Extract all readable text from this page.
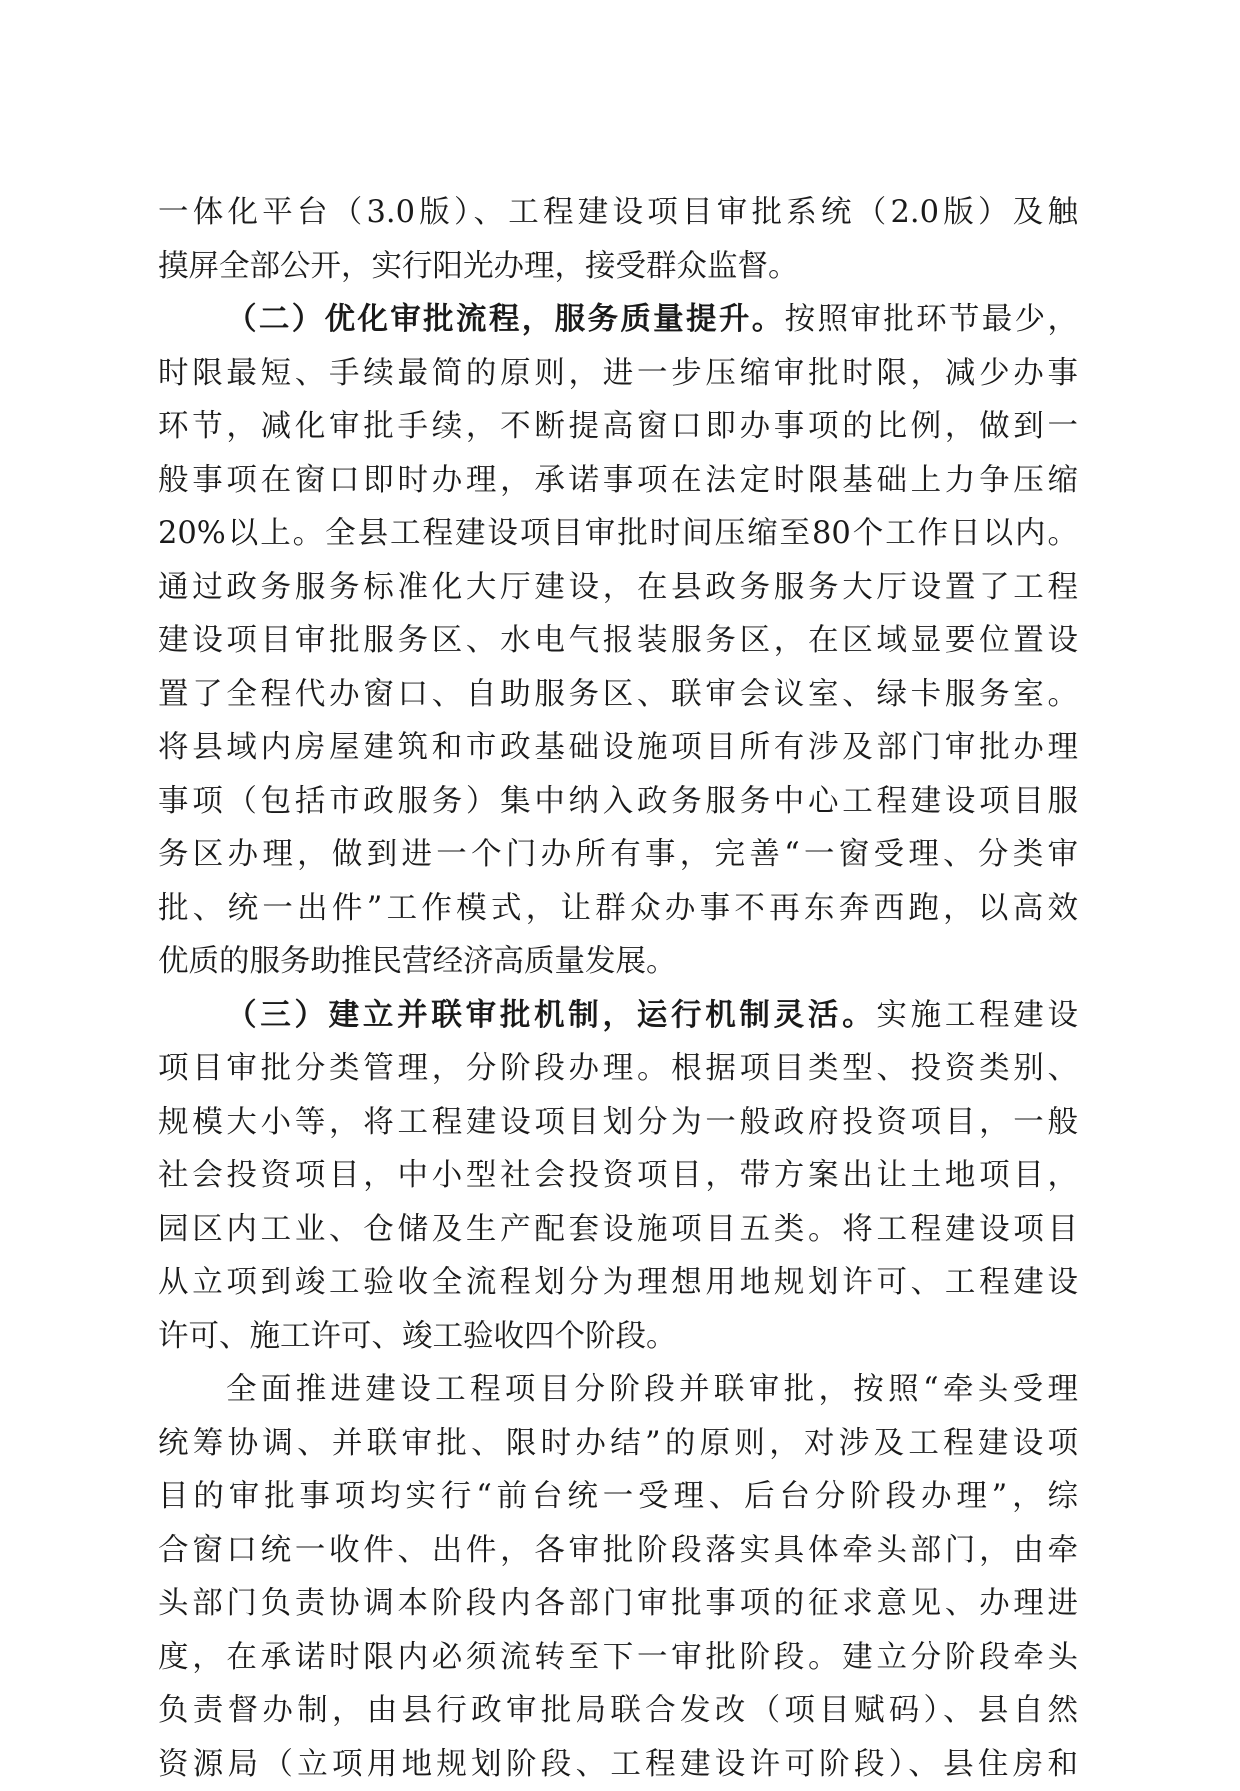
一体化平台（3.0版）、工程建设项目审批系统（2.0版）及触
摸屏全部公开，实行阳光办理，接受群众监督。
（二）优化审批流程，服务质量提升。按照审批环节最少，
时限最短、手续最简的原则，进一步压缩审批时限，减少办事
环节，减化审批手续，不断提高窗口即办事项的比例，做到一
般事项在窗口即时办理，承诺事项在法定时限基础上力争压缩
20%以上。全县工程建设项目审批时间压缩至80个工作日以内。
通过政务服务标准化大厅建设，在县政务服务大厅设置了工程
建设项目审批服务区、水电气报装服务区，在区域显要位置设
置了全程代办窗口、自助服务区、联审会议室、绿卡服务室。
将县域内房屋建筑和市政基础设施项目所有涉及部门审批办理
事项（包括市政服务）集中纳入政务服务中心工程建设项目服
务区办理，做到进一个门办所有事，完善“一窗受理、分类审
批、统一出件”工作模式，让群众办事不再东奔西跑，以高效
优质的服务助推民营经济高质量发展。
（三）建立并联审批机制，运行机制灵活。实施工程建设
项目审批分类管理，分阶段办理。根据项目类型、投资类别、
规模大小等，将工程建设项目划分为一般政府投资项目，一般
社会投资项目，中小型社会投资项目，带方案出让土地项目，
园区内工业、仓储及生产配套设施项目五类。将工程建设项目
从立项到竣工验收全流程划分为理想用地规划许可、工程建设
许可、施工许可、竣工验收四个阶段。
全面推进建设工程项目分阶段并联审批，按照“牵头受理
统筹协调、并联审批、限时办结”的原则，对涉及工程建设项
目的审批事项均实行“前台统一受理、后台分阶段办理”，综
合窗口统一收件、出件，各审批阶段落实具体牵头部门，由牵
头部门负责协调本阶段内各部门审批事项的征求意见、办理进
度，在承诺时限内必须流转至下一审批阶段。建立分阶段牵头
负责督办制，由县行政审批局联合发改（项目赋码）、县自然
资源局（立项用地规划阶段、工程建设许可阶段）、县住房和
